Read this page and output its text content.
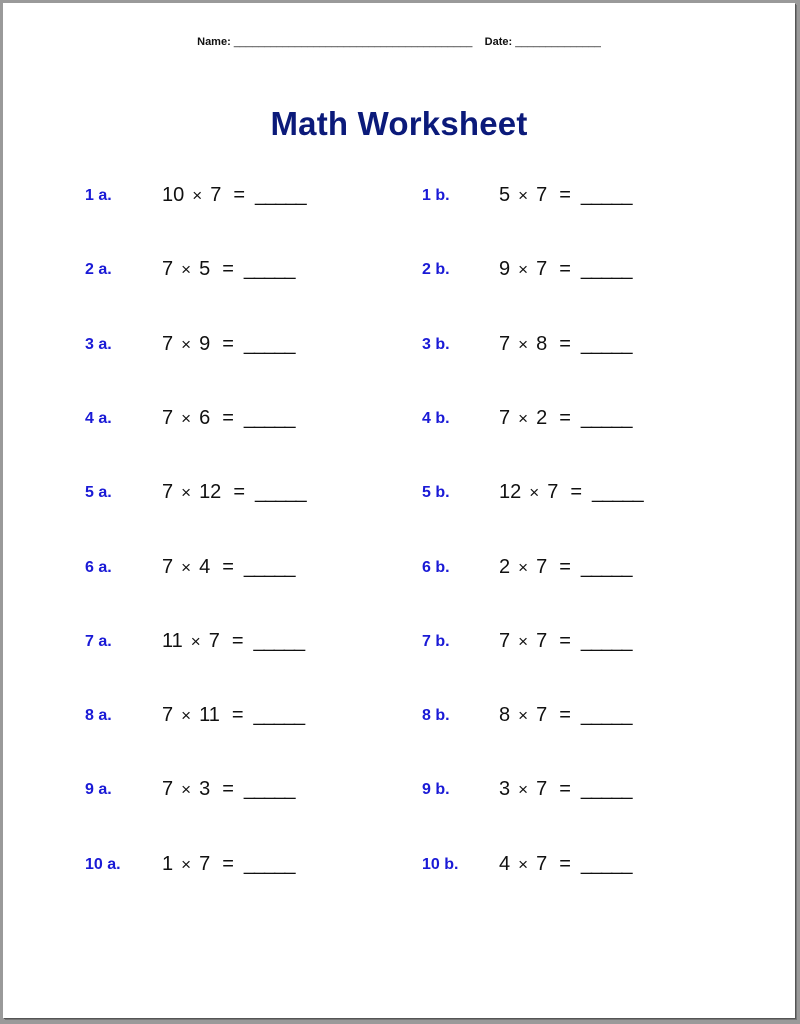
Name: _______________________________________ Date: ______________
Math Worksheet
1 a.	10 × 7 = _____
2 a.	7 × 5 = _____
3 a.	7 × 9 = _____
4 a.	7 × 6 = _____
5 a.	7 × 12 = _____
6 a.	7 × 4 = _____
7 a.	11 × 7 = _____
8 a.	7 × 11 = _____
9 a.	7 × 3 = _____
10 a. 1 × 7 = _____
1 b. 5 × 7 = _____
2 b. 9 × 7 = _____
3 b. 7 × 8 = _____
4 b. 7 × 2 = _____
5 b. 12 × 7 = _____
6 b. 2 × 7 = _____
7 b. 7 × 7 = _____
8 b. 8 × 7 = _____
9 b. 3 × 7 = _____
10 b. 4 × 7 = _____
